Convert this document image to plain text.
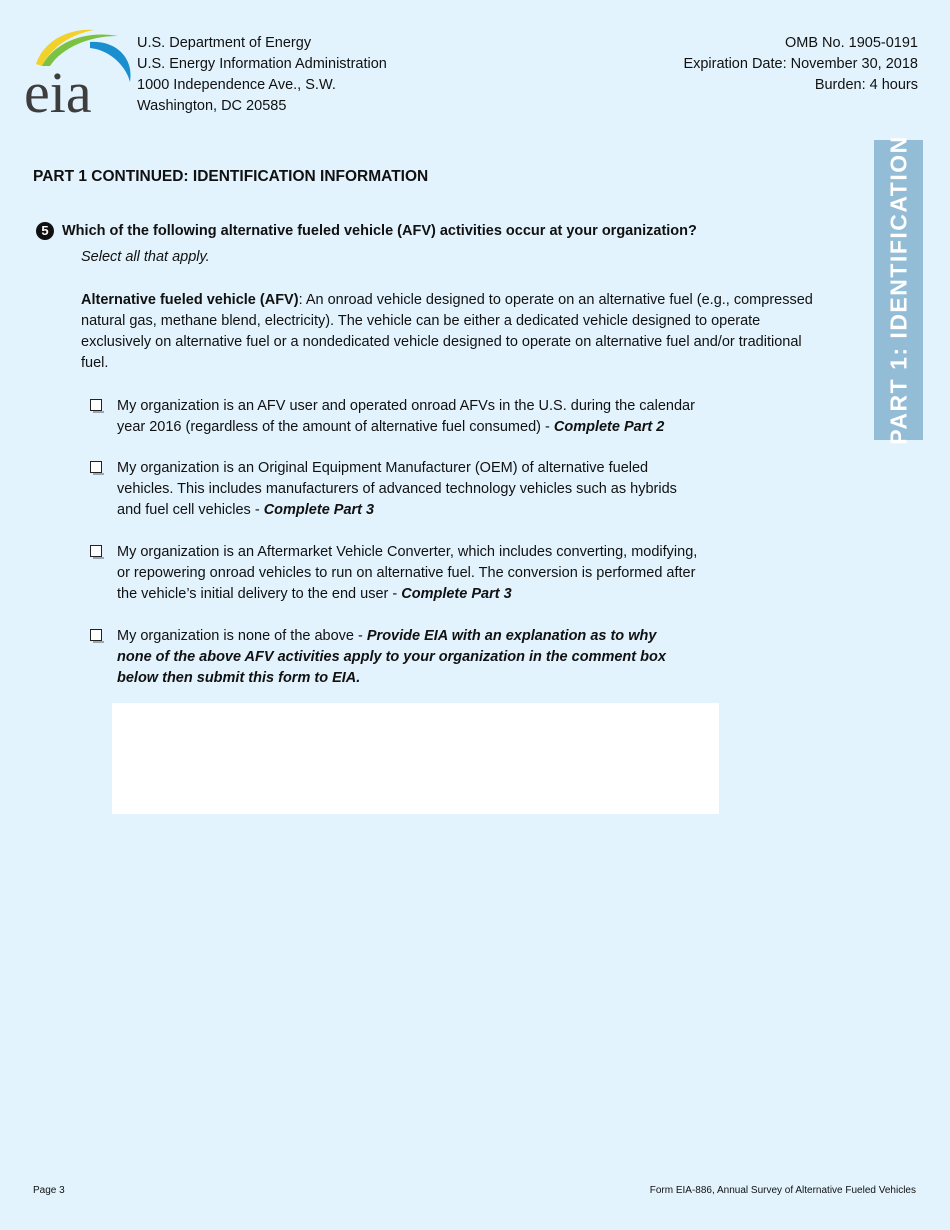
eia
U.S. Department of Energy
U.S. Energy Information Administration
1000 Independence Ave., S.W.
Washington, DC 20585
OMB No. 1905-0191
Expiration Date: November 30, 2018
Burden: 4 hours
PART 1: IDENTIFICATION
PART 1 CONTINUED: IDENTIFICATION INFORMATION
5 Which of the following alternative fueled vehicle (AFV) activities occur at your organization?
Select all that apply.
Alternative fueled vehicle (AFV): An onroad vehicle designed to operate on an alternative fuel (e.g., compressed natural gas, methane blend, electricity). The vehicle can be either a dedicated vehicle designed to operate exclusively on alternative fuel or a nondedicated vehicle designed to operate on alternative fuel and/or traditional fuel.
My organization is an AFV user and operated onroad AFVs in the U.S. during the calendar year 2016 (regardless of the amount of alternative fuel consumed) - Complete Part 2
My organization is an Original Equipment Manufacturer (OEM) of alternative fueled vehicles. This includes manufacturers of advanced technology vehicles such as hybrids and fuel cell vehicles - Complete Part 3
My organization is an Aftermarket Vehicle Converter, which includes converting, modifying, or repowering onroad vehicles to run on alternative fuel. The conversion is performed after the vehicle’s initial delivery to the end user - Complete Part 3
My organization is none of the above - Provide EIA with an explanation as to why none of the above AFV activities apply to your organization in the comment box below then submit this form to EIA.
Page 3	Form EIA-886, Annual Survey of Alternative Fueled Vehicles
